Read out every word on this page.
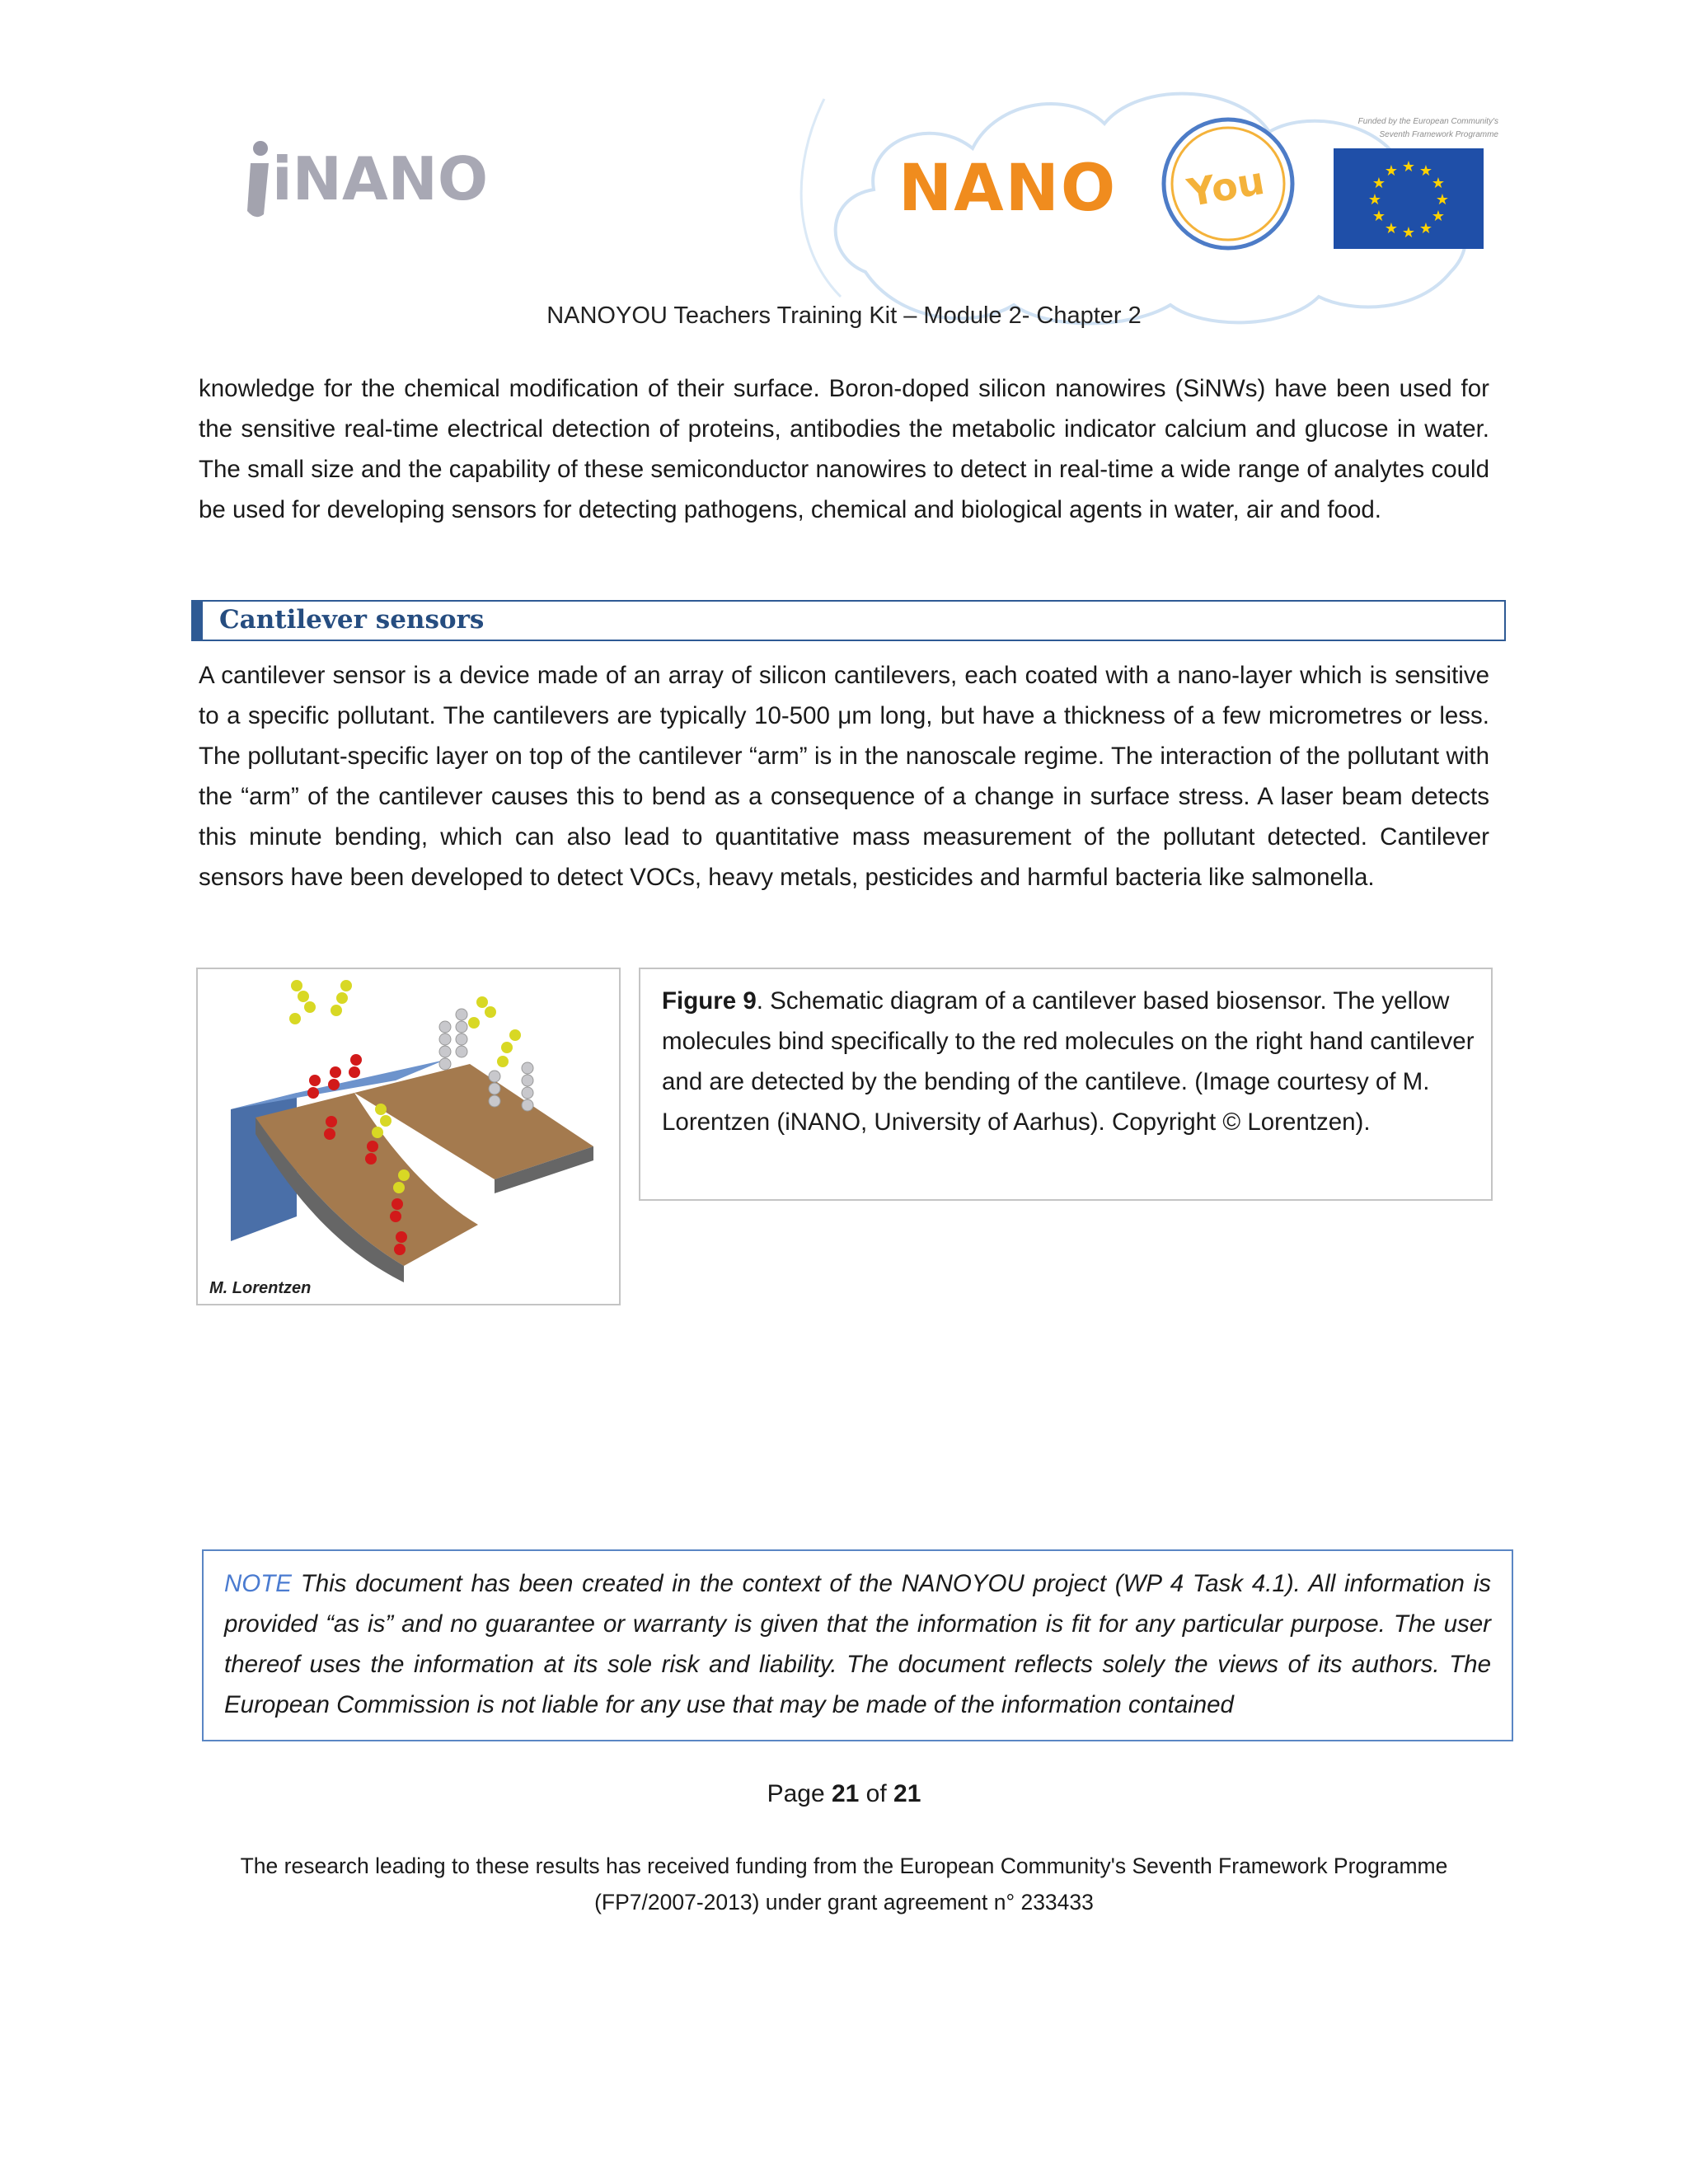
iNANO	NANO You
Funded by the European Community's
Seventh Framework Programme
★ ★
★
★
★
★
★
★
★
★
★
★
NANOYOU Teachers Training Kit – Module 2- Chapter 2
knowledge for the chemical modification of their surface. Boron-doped silicon nanowires (SiNWs) have been used for the sensitive real-time electrical detection of proteins, antibodies the metabolic indicator calcium and glucose in water. The small size and the capability of these semiconductor nanowires to detect in real-time a wide range of analytes could be used for developing sensors for detecting pathogens, chemical and biological agents in water, air and food.
Cantilever sensors
A cantilever sensor is a device made of an array of silicon cantilevers, each coated with a nano-layer which is sensitive to a specific pollutant. The cantilevers are typically 10-500 μm long, but have a thickness of a few micrometres or less. The pollutant-specific layer on top of the cantilever “arm” is in the nanoscale regime. The interaction of the pollutant with the “arm” of the cantilever causes this to bend as a consequence of a change in surface stress. A laser beam detects this minute bending, which can also lead to quantitative mass measurement of the pollutant detected. Cantilever sensors have been developed to detect VOCs, heavy metals, pesticides and harmful bacteria like salmonella.
M. Lorentzen
Figure 9. Schematic diagram of a cantilever based biosensor. The yellow molecules bind specifically to the red molecules on the right hand cantilever and are detected by the bending of the cantileve. (Image courtesy of M. Lorentzen (iNANO, University of Aarhus). Copyright © Lorentzen).
NOTE This document has been created in the context of the NANOYOU project (WP 4 Task 4.1). All information is provided “as is” and no guarantee or warranty is given that the information is fit for any particular purpose. The user thereof uses the information at its sole risk and liability. The document reflects solely the views of its authors. The European Commission is not liable for any use that may be made of the information contained
Page 21 of 21
The research leading to these results has received funding from the European Community's Seventh Framework Programme
(FP7/2007-2013) under grant agreement n° 233433
